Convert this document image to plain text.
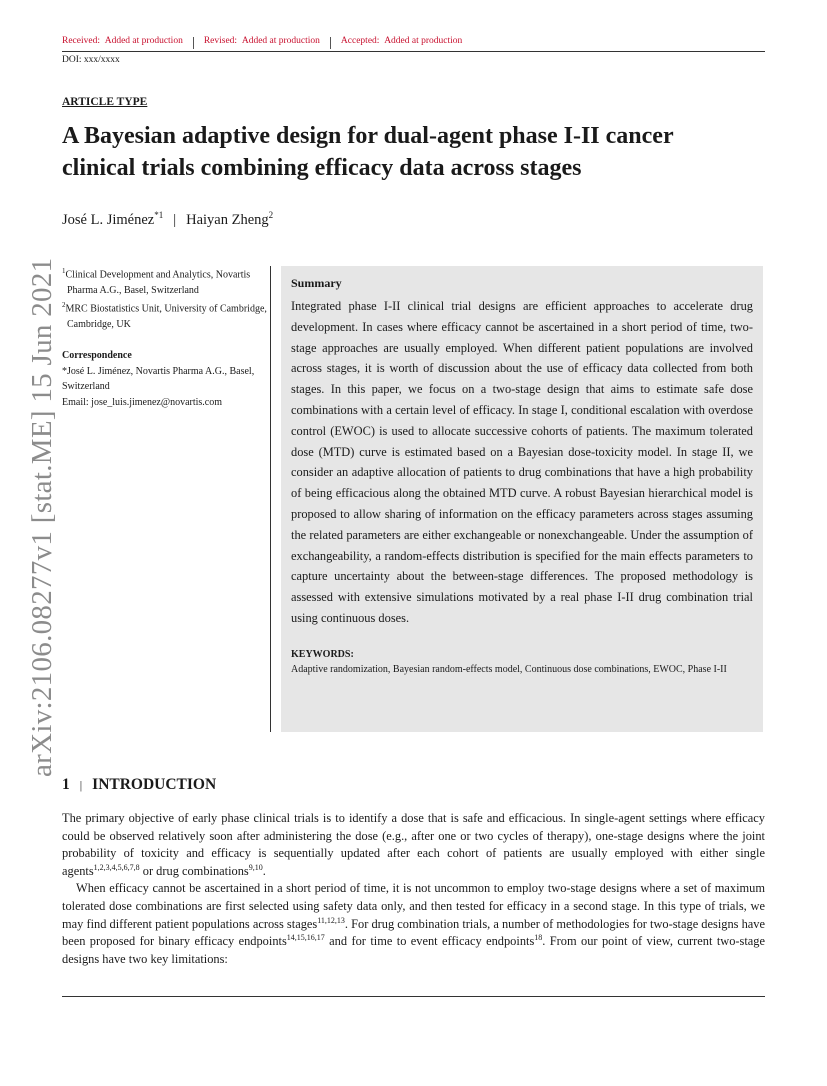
Received: Added at production	Revised: Added at production	Accepted: Added at production
DOI: xxx/xxxx
ARTICLE TYPE
A Bayesian adaptive design for dual-agent phase I-II cancer
clinical trials combining efficacy data across stages
José L. Jiménez$^{*1}$ | Haiyan Zheng$^2$
arXiv:2106.08277v1 [stat.ME] 15 Jun 2021 $^1$Clinical Development and Analytics, Novartis Pharma A.G., Basel, Switzerland
$^2$MRC Biostatistics Unit, University of Cambridge, Cambridge, UK
Correspondence
*José L. Jiménez, Novartis Pharma A.G., Basel, Switzerland
Email: jose_luis.jimenez@novartis.com
Summary
Integrated phase I-II clinical trial designs are efficient approaches to accelerate drug development. In cases where efficacy cannot be ascertained in a short period of time, two-stage approaches are usually employed. When different patient populations are involved across stages, it is worth of discussion about the use of efficacy data collected from both stages. In this paper, we focus on a two-stage design that aims to estimate safe dose combinations with a certain level of efficacy. In stage I, conditional escalation with overdose control (EWOC) is used to allocate successive cohorts of patients. The maximum tolerated dose (MTD) curve is estimated based on a Bayesian dose-toxicity model. In stage II, we consider an adaptive allocation of patients to drug combinations that have a high probability of being efficacious along the obtained MTD curve. A robust Bayesian hierarchical model is proposed to allow sharing of information on the efficacy parameters across stages assuming the related parameters are either exchangeable or nonexchangeable. Under the assumption of exchangeability, a random-effects distribution is specified for the main effects parameters to capture uncertainty about the between-stage differences. The proposed methodology is assessed with extensive simulations motivated by a real phase I-II drug combination trial using continuous doses.
KEYWORDS:
Adaptive randomization, Bayesian random-effects model, Continuous dose combinations, EWOC, Phase I-II
1 | INTRODUCTION

The primary objective of early phase clinical trials is to identify a dose that is safe and efficacious. In single-agent settings where efficacy could be observed relatively soon after administering the dose (e.g., after one or two cycles of therapy), one-stage designs where the joint probability of toxicity and efficacy is sequentially updated after each cohort of patients are usually employed with either single agents$^{1,2,3,4,5,6,7,8}$ or drug combinations$^{9,10}$.

When efficacy cannot be ascertained in a short period of time, it is not uncommon to employ two-stage designs where a set of maximum tolerated dose combinations are first selected using safety data only, and then tested for efficacy in a second stage. In this type of trials, we may find different patient populations across stages$^{11,12,13}$. For drug combination trials, a number of methodologies for two-stage designs have been proposed for binary efficacy endpoints$^{14,15,16,17}$ and for time to event efficacy endpoints$^{18}$. From our point of view, current two-stage designs have two key limitations:
